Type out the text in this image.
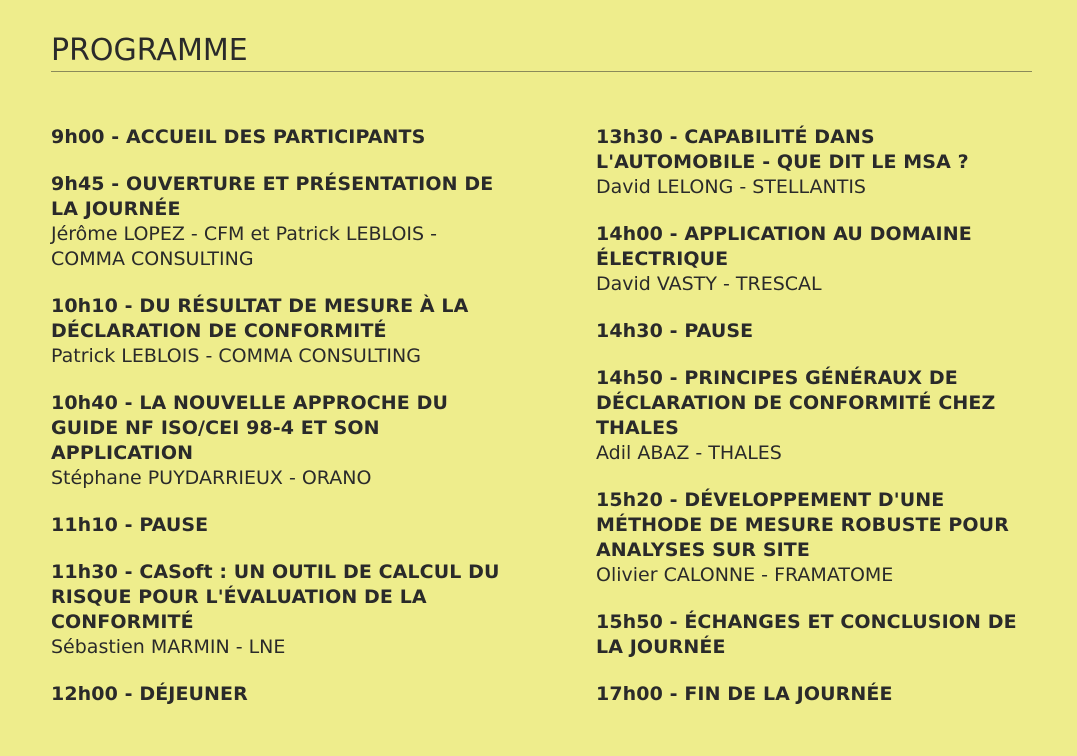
PROGRAMME
9h00 - ACCUEIL DES PARTICIPANTS
9h45 - OUVERTURE ET PRÉSENTATION DE LA JOURNÉE
Jérôme LOPEZ - CFM et Patrick LEBLOIS - COMMA CONSULTING
10h10 - DU RÉSULTAT DE MESURE À LA DÉCLARATION DE CONFORMITÉ
Patrick LEBLOIS - COMMA CONSULTING
10h40 - LA NOUVELLE APPROCHE DU GUIDE NF ISO/CEI 98-4 ET SON APPLICATION
Stéphane PUYDARRIEUX - ORANO
11h10 - PAUSE
11h30 - CASoft : UN OUTIL DE CALCUL DU RISQUE POUR L'ÉVALUATION DE LA CONFORMITÉ
Sébastien MARMIN - LNE
12h00 - DÉJEUNER
13h30 - CAPABILITÉ DANS L'AUTOMOBILE - QUE DIT LE MSA ?
David LELONG - STELLANTIS
14h00 - APPLICATION AU DOMAINE ÉLECTRIQUE
David VASTY - TRESCAL
14h30 - PAUSE
14h50 - PRINCIPES GÉNÉRAUX DE DÉCLARATION DE CONFORMITÉ CHEZ THALES
Adil ABAZ - THALES
15h20 - DÉVELOPPEMENT D'UNE MÉTHODE DE MESURE ROBUSTE POUR ANALYSES SUR SITE
Olivier CALONNE - FRAMATOME
15h50 - ÉCHANGES ET CONCLUSION DE LA JOURNÉE
17h00 - FIN DE LA JOURNÉE
